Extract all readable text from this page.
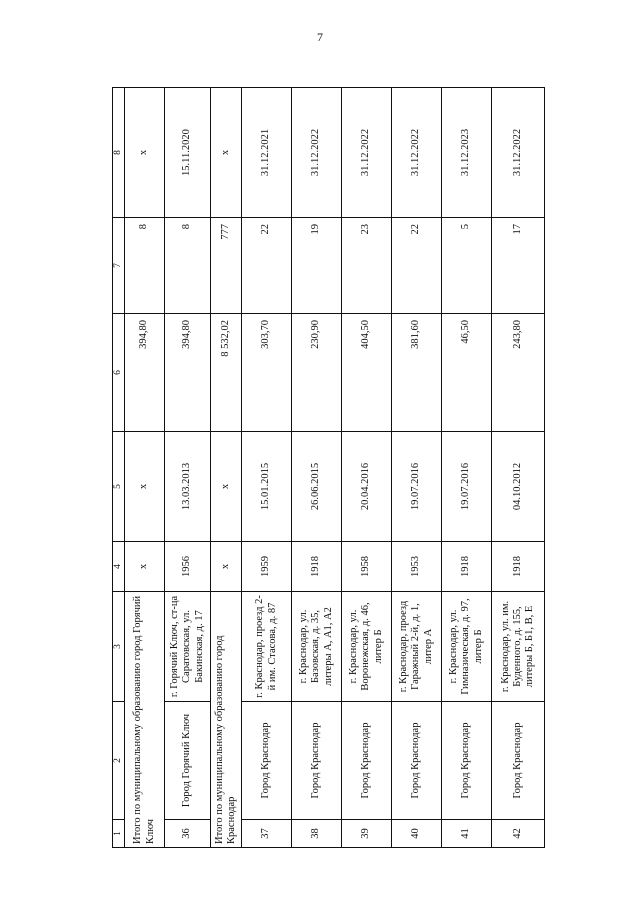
7
1	2	3	4	5	6	7	8
Итого по муниципальному образованию город Горячий Ключ			x	x	394,80	8	x
36	Город Горячий Ключ	г. Горячий Ключ, ст-ца Саратовская, ул. Бакинская, д. 17	1956	13.03.2013	394,80	8	15.11.2020
Итого по муниципальному образованию город Краснодар			x	x	8 532,02	777	x
37	Город Краснодар	г. Краснодар, проезд 2-й им. Стасова, д. 87	1959	15.01.2015	303,70	22	31.12.2021
38	Город Краснодар	г. Краснодар, ул. Базовская, д. 35, литеры А, А1, А2	1918	26.06.2015	230,90	19	31.12.2022
39	Город Краснодар	г. Краснодар, ул. Воронежская, д. 46, литер Б	1958	20.04.2016	404,50	23	31.12.2022
40	Город Краснодар	г. Краснодар, проезд Гаражный 2-й, д. 1, литер А	1953	19.07.2016	381,60	22	31.12.2022
41	Город Краснодар	г. Краснодар, ул. Гимназическая, д. 97, литер Б	1918	19.07.2016	46,50	5	31.12.2023
42	Город Краснодар	г. Краснодар, ул. им. Буденного, д. 155, литеры Б, Б1, В, Е	1918	04.10.2012	243,80	17	31.12.2022
